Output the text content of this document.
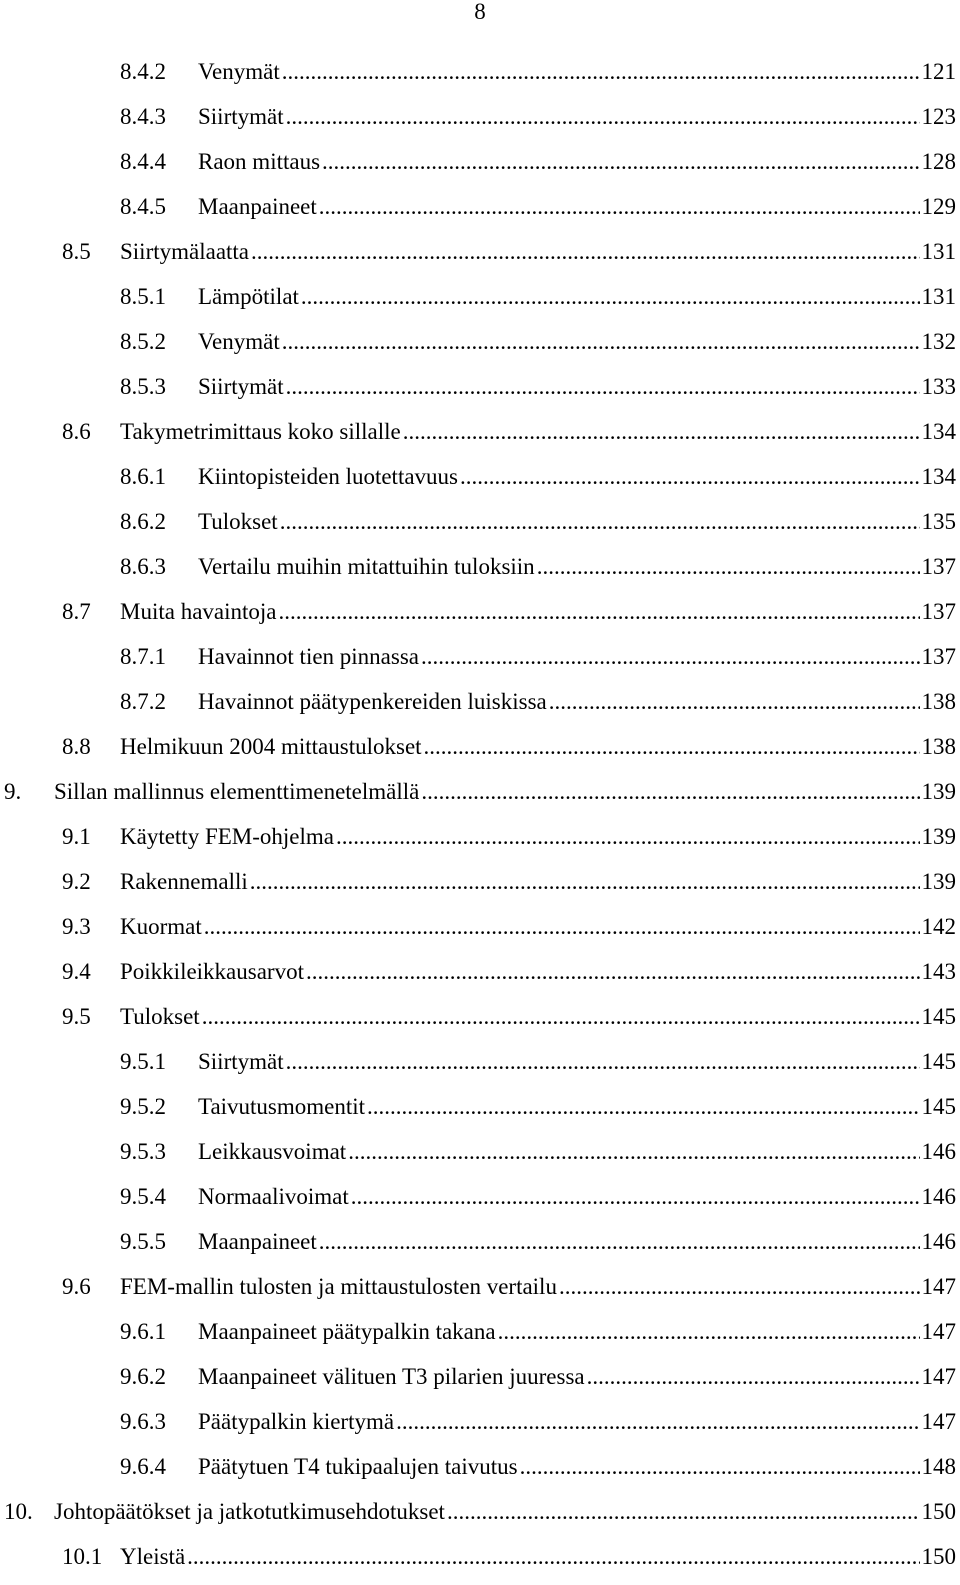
8
8.4.2 Venymät .....	121
8.4.3 Siirtymät .....	123
8.4.4 Raon mittaus .....	128
8.4.5 Maanpaineet .....	129
8.5 Siirtymälaatta .....	131
8.5.1 Lämpötilat .....	131
8.5.2 Venymät .....	132
8.5.3 Siirtymät .....	133
8.6 Takymetrimittaus koko sillalle .....	134
8.6.1 Kiintopisteiden luotettavuus .....	134
8.6.2 Tulokset .....	135
8.6.3 Vertailu muihin mitattuihin tuloksiin .....	137
8.7 Muita havaintoja .....	137
8.7.1 Havainnot tien pinnassa .....	137
8.7.2 Havainnot päätypenkereiden luiskissa .....	138
8.8 Helmikuun 2004 mittaustulokset .....	138
9. Sillan mallinnus elementtimenetelmällä .....	139
9.1 Käytetty FEM-ohjelma .....	139
9.2 Rakennemalli .....	139
9.3 Kuormat .....	142
9.4 Poikkileikkausarvot .....	143
9.5 Tulokset .....	145
9.5.1 Siirtymät .....	145
9.5.2 Taivutusmomentit .....	145
9.5.3 Leikkausvoimat .....	146
9.5.4 Normaalivoimat .....	146
9.5.5 Maanpaineet .....	146
9.6 FEM-mallin tulosten ja mittaustulosten vertailu .....	147
9.6.1 Maanpaineet päätypalkin takana .....	147
9.6.2 Maanpaineet välituen T3 pilarien juuressa .....	147
9.6.3 Päätypalkin kiertymä .....	147
9.6.4 Päätytuen T4 tukipaalujen taivutus .....	148
10. Johtopäätökset ja jatkotutkimusehdotukset .....	150
10.1 Yleistä .....	150
